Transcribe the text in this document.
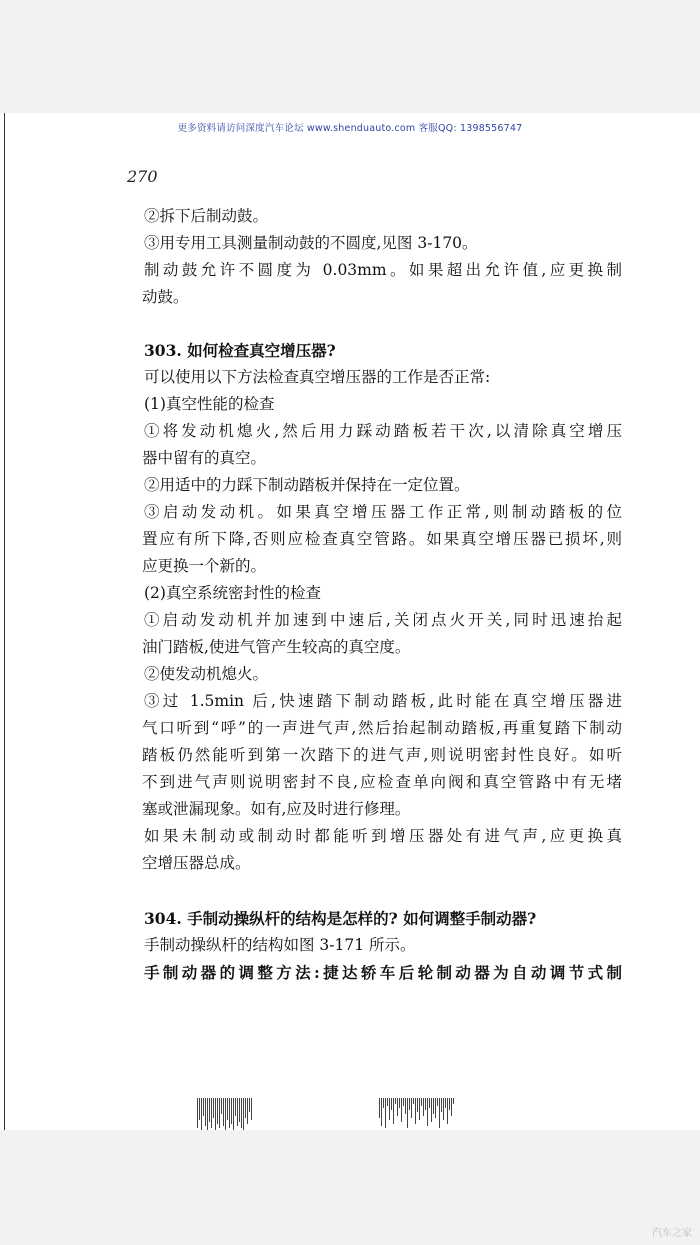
更多资料请访问深度汽车论坛 www.shenduauto.com 客服QQ: 1398556747
270

②拆下后制动鼓。

③用专用工具测量制动鼓的不圆度,见图 3-170。

制动鼓允许不圆度为 0.03mm。如果超出允许值,应更换制

动鼓。

303. 如何检查真空增压器?

可以使用以下方法检查真空增压器的工作是否正常:

(1)真空性能的检查

①将发动机熄火,然后用力踩动踏板若干次,以清除真空增压

器中留有的真空。

②用适中的力踩下制动踏板并保持在一定位置。

③启动发动机。如果真空增压器工作正常,则制动踏板的位

置应有所下降,否则应检查真空管路。如果真空增压器已损坏,则

应更换一个新的。

(2)真空系统密封性的检查

①启动发动机并加速到中速后,关闭点火开关,同时迅速抬起

油门踏板,使进气管产生较高的真空度。

②使发动机熄火。

③过 1.5min 后,快速踏下制动踏板,此时能在真空增压器进

气口听到“呼”的一声进气声,然后抬起制动踏板,再重复踏下制动

踏板仍然能听到第一次踏下的进气声,则说明密封性良好。如听

不到进气声则说明密封不良,应检查单向阀和真空管路中有无堵

塞或泄漏现象。如有,应及时进行修理。

如果未制动或制动时都能听到增压器处有进气声,应更换真

空增压器总成。

304. 手制动操纵杆的结构是怎样的? 如何调整手制动器?

手制动操纵杆的结构如图 3-171 所示。

手制动器的调整方法:捷达轿车后轮制动器为自动调节式制

汽车之家
